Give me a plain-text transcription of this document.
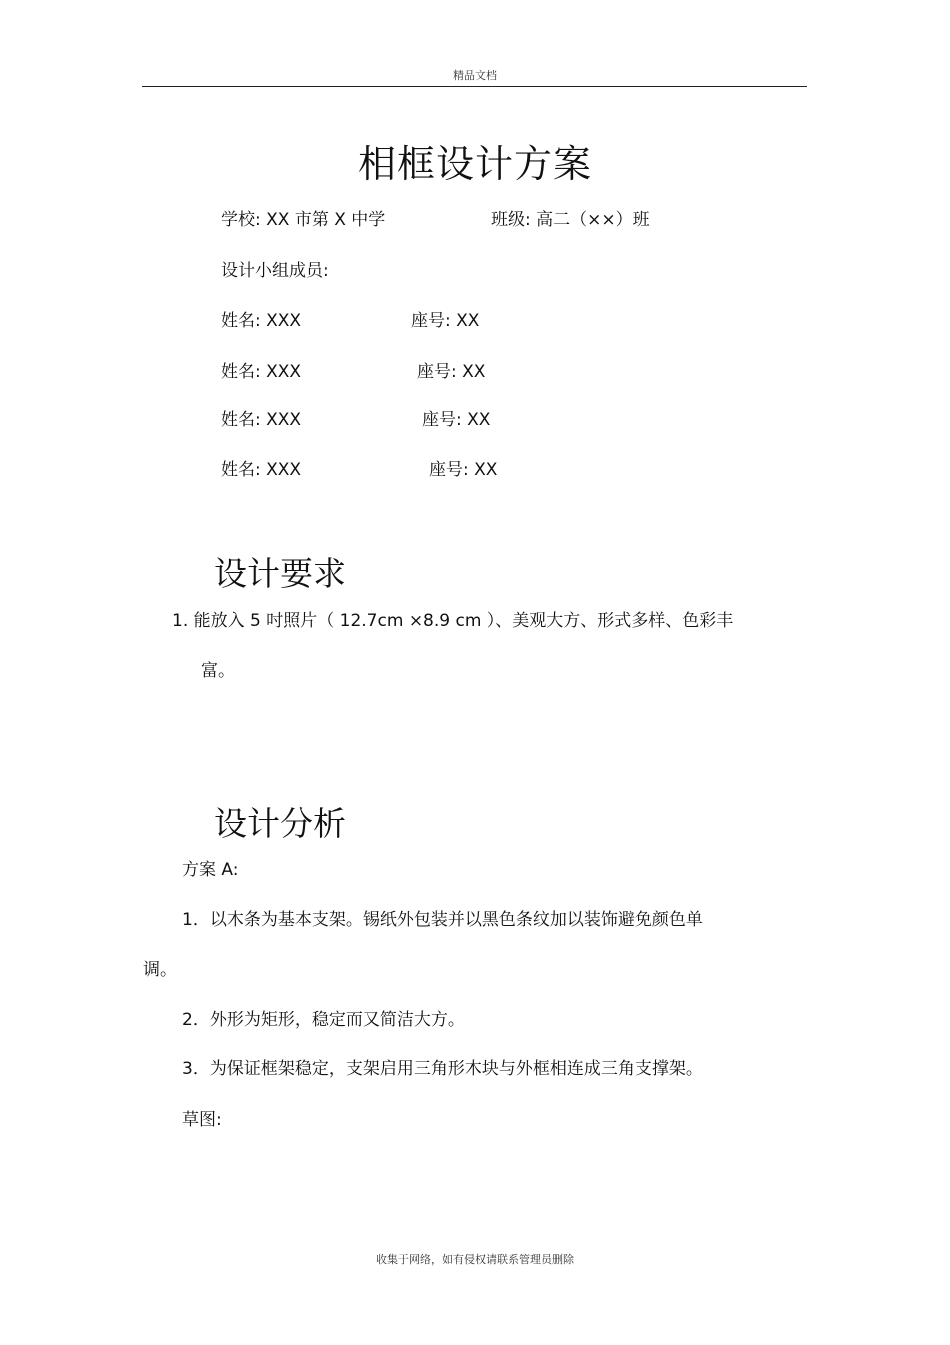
精品文档
相框设计方案
学校: XX 市第 X 中学	班级: 高二（××）班
设计小组成员:
姓名: XXX	座号: XX
姓名: XXX	座号: XX
姓名: XXX	座号: XX
姓名: XXX	座号: XX
设计要求
1. 能放入 5 吋照片（ 12.7cm ×8.9 cm ）、美观大方、形式多样、色彩丰
富。
设计分析
方案 A:
1．以木条为基本支架。锡纸外包装并以黑色条纹加以装饰避免颜色单
调。
2．外形为矩形，稳定而又简洁大方。
3．为保证框架稳定，支架启用三角形木块与外框相连成三角支撑架。
草图:
收集于网络，如有侵权请联系管理员删除
